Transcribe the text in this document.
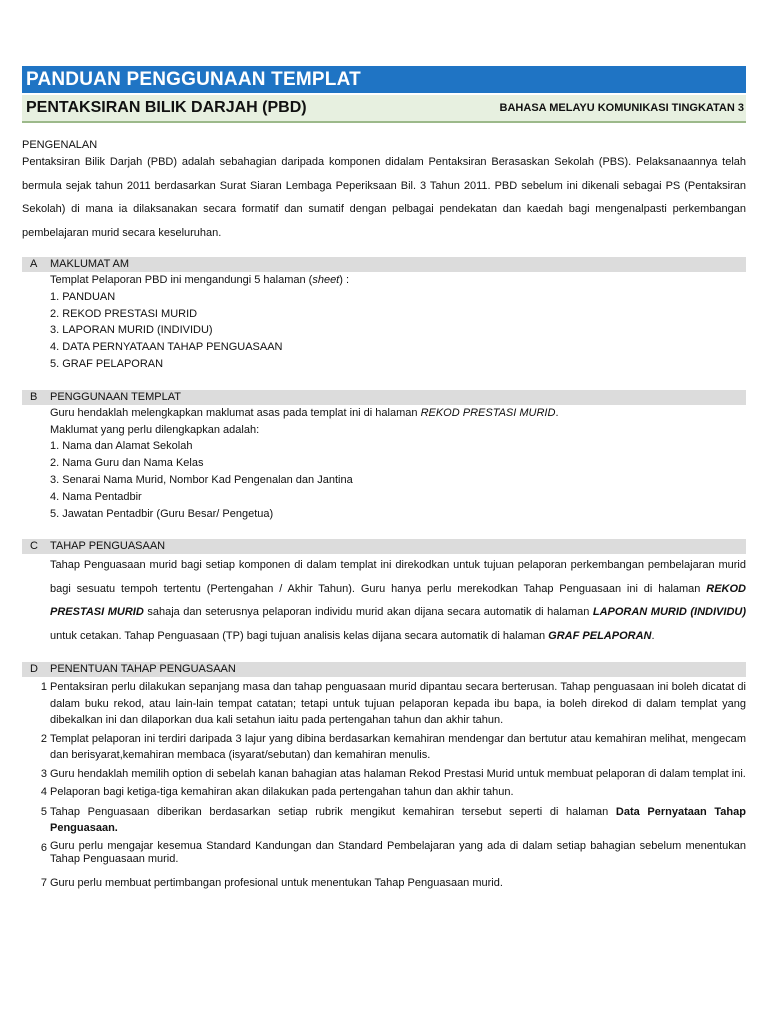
PANDUAN PENGGUNAAN TEMPLAT
PENTAKSIRAN BILIK DARJAH (PBD)	BAHASA MELAYU KOMUNIKASI TINGKATAN 3
PENGENALAN
Pentaksiran Bilik Darjah (PBD) adalah sebahagian daripada komponen didalam Pentaksiran Berasaskan Sekolah (PBS). Pelaksanaannya telah bermula sejak tahun 2011 berdasarkan Surat Siaran Lembaga Peperiksaan Bil. 3 Tahun 2011. PBD sebelum ini dikenali sebagai PS (Pentaksiran Sekolah) di mana ia dilaksanakan secara formatif dan sumatif dengan pelbagai pendekatan dan kaedah bagi mengenalpasti perkembangan pembelajaran murid secara keseluruhan.
A	MAKLUMAT AM
Templat Pelaporan PBD ini mengandungi 5 halaman (sheet) :
1. PANDUAN
2. REKOD PRESTASI MURID
3. LAPORAN MURID (INDIVIDU)
4. DATA PERNYATAAN TAHAP PENGUASAAN
5. GRAF PELAPORAN
B	PENGGUNAAN TEMPLAT
Guru hendaklah melengkapkan maklumat asas pada templat ini di halaman REKOD PRESTASI MURID.
Maklumat yang perlu dilengkapkan adalah:
1. Nama dan Alamat Sekolah
2. Nama Guru dan Nama Kelas
3. Senarai Nama Murid, Nombor Kad Pengenalan dan Jantina
4. Nama Pentadbir
5. Jawatan Pentadbir (Guru Besar/ Pengetua)
C	TAHAP PENGUASAAN
Tahap Penguasaan murid bagi setiap komponen di dalam templat ini direkodkan untuk tujuan pelaporan perkembangan pembelajaran murid bagi sesuatu tempoh tertentu (Pertengahan / Akhir Tahun). Guru hanya perlu merekodkan Tahap Penguasaan ini di halaman REKOD PRESTASI MURID sahaja dan seterusnya pelaporan individu murid akan dijana secara automatik di halaman LAPORAN MURID (INDIVIDU) untuk cetakan. Tahap Penguasaan (TP) bagi tujuan analisis kelas dijana secara automatik di halaman GRAF PELAPORAN.
D	PENENTUAN TAHAP PENGUASAAN
1 Pentaksiran perlu dilakukan sepanjang masa dan tahap penguasaan murid dipantau secara berterusan. Tahap penguasaan ini boleh dicatat di dalam buku rekod, atau lain-lain tempat catatan; tetapi untuk tujuan pelaporan kepada ibu bapa, ia boleh direkod di dalam templat yang dibekalkan ini dan dilaporkan dua kali setahun iaitu pada pertengahan tahun dan akhir tahun.
2 Templat pelaporan ini terdiri daripada 3 lajur yang dibina berdasarkan kemahiran mendengar dan bertutur atau kemahiran melihat, mengecam dan berisyarat,kemahiran membaca (isyarat/sebutan) dan kemahiran menulis.
3 Guru hendaklah memilih option di sebelah kanan bahagian atas halaman Rekod Prestasi Murid untuk membuat pelaporan di dalam templat ini.
4 Pelaporan bagi ketiga-tiga kemahiran akan dilakukan pada pertengahan tahun dan akhir tahun.
5 Tahap Penguasaan diberikan berdasarkan setiap rubrik mengikut kemahiran tersebut seperti di halaman Data Pernyataan Tahap Penguasaan.
6 Guru perlu mengajar kesemua Standard Kandungan dan Standard Pembelajaran yang ada di dalam setiap bahagian sebelum menentukan Tahap Penguasaan murid.
7 Guru perlu membuat pertimbangan profesional untuk menentukan Tahap Penguasaan murid.
